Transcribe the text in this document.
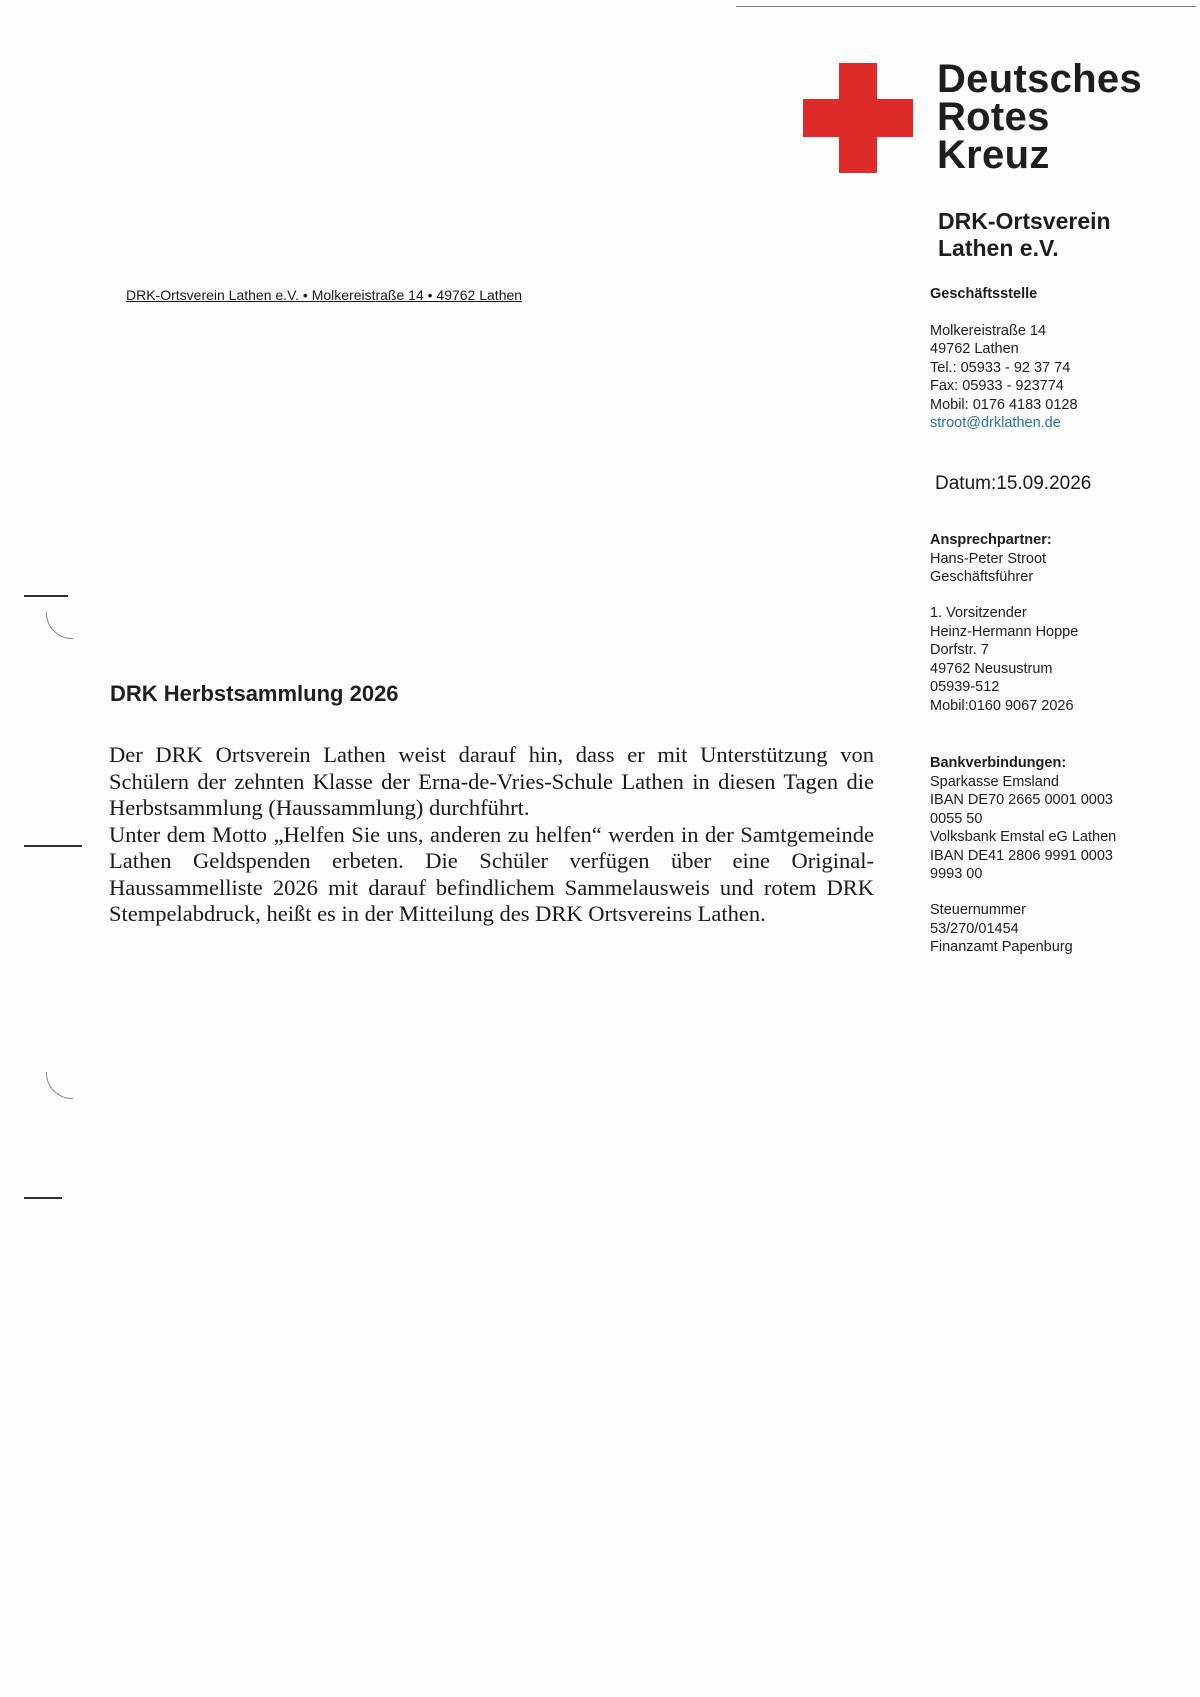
Deutsches
Rotes
Kreuz
DRK-Ortsverein
Lathen e.V.
DRK-Ortsverein Lathen e.V. • Molkereistraße 14 • 49762 Lathen	Geschäftsstelle
Molkereistraße 14
49762 Lathen
Tel.: 05933 - 92 37 74
Fax: 05933 - 923774
Mobil: 0176 4183 0128
stroot@drklathen.de
Datum:15.09.2026
Ansprechpartner:
Hans-Peter Stroot
Geschäftsführer
1. Vorsitzender
Heinz-Hermann Hoppe
Dorfstr. 7
49762 Neusustrum
05939-512
Mobil:0160 9067 2026
Bankverbindungen:
Sparkasse Emsland
IBAN DE70 2665 0001 0003
0055 50
Volksbank Emstal eG Lathen
IBAN DE41 2806 9991 0003
9993 00
Steuernummer
53/270/01454
Finanzamt Papenburg
DRK Herbstsammlung 2026

Der DRK Ortsverein Lathen weist darauf hin, dass er mit Unterstützung von Schülern der zehnten Klasse der Erna-de-Vries-Schule Lathen in diesen Tagen die Herbstsammlung (Haussammlung) durchführt.

Unter dem Motto „Helfen Sie uns, anderen zu helfen“ werden in der Samtgemeinde Lathen Geldspenden erbeten. Die Schüler verfügen über eine Original-Haussammelliste 2026 mit darauf befindlichem Sammelausweis und rotem DRK Stempelabdruck, heißt es in der Mitteilung des DRK Ortsvereins Lathen.
